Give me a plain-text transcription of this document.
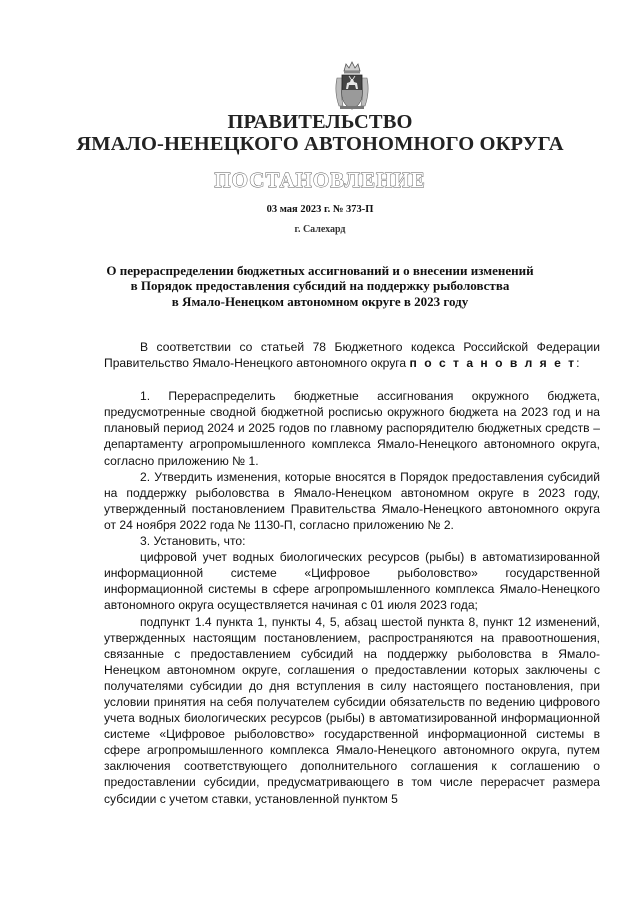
ПРАВИТЕЛЬСТВО
ЯМАЛО-НЕНЕЦКОГО АВТОНОМНОГО ОКРУГА
ПОСТАНОВЛЕНИЕ
03 мая 2023 г. № 373-П
г. Салехард
О перераспределении бюджетных ассигнований и о внесении изменений
в Порядок предоставления субсидий на поддержку рыболовства
в Ямало-Ненецком автономном округе в 2023 году

В соответствии со статьей 78 Бюджетного кодекса Российской Федерации Правительство Ямало-Ненецкого автономного округа п о с т а н о в л я е т:

1. Перераспределить бюджетные ассигнования окружного бюджета, предусмотренные сводной бюджетной росписью окружного бюджета на 2023 год и на плановый период 2024 и 2025 годов по главному распорядителю бюджетных средств – департаменту агропромышленного комплекса Ямало-Ненецкого автономного округа, согласно приложению № 1.

2. Утвердить изменения, которые вносятся в Порядок предоставления субсидий на поддержку рыболовства в Ямало-Ненецком автономном округе в 2023 году, утвержденный постановлением Правительства Ямало-Ненецкого автономного округа от 24 ноября 2022 года № 1130-П, согласно приложению № 2.

3. Установить, что:

цифровой учет водных биологических ресурсов (рыбы) в автоматизированной информационной системе «Цифровое рыболовство» государственной информационной системы в сфере агропромышленного комплекса Ямало-Ненецкого автономного округа осуществляется начиная с 01 июля 2023 года;

подпункт 1.4 пункта 1, пункты 4, 5, абзац шестой пункта 8, пункт 12 изменений, утвержденных настоящим постановлением, распространяются на правоотношения, связанные с предоставлением субсидий на поддержку рыболовства в Ямало-Ненецком автономном округе, соглашения о предоставлении которых заключены с получателями субсидии до дня вступления в силу настоящего постановления, при условии принятия на себя получателем субсидии обязательств по ведению цифрового учета водных биологических ресурсов (рыбы) в автоматизированной информационной системе «Цифровое рыболовство» государственной информационной системы в сфере агропромышленного комплекса Ямало-Ненецкого автономного округа, путем заключения соответствующего дополнительного соглашения к соглашению о предоставлении субсидии, предусматривающего в том числе перерасчет размера субсидии с учетом ставки, установленной пунктом 5
